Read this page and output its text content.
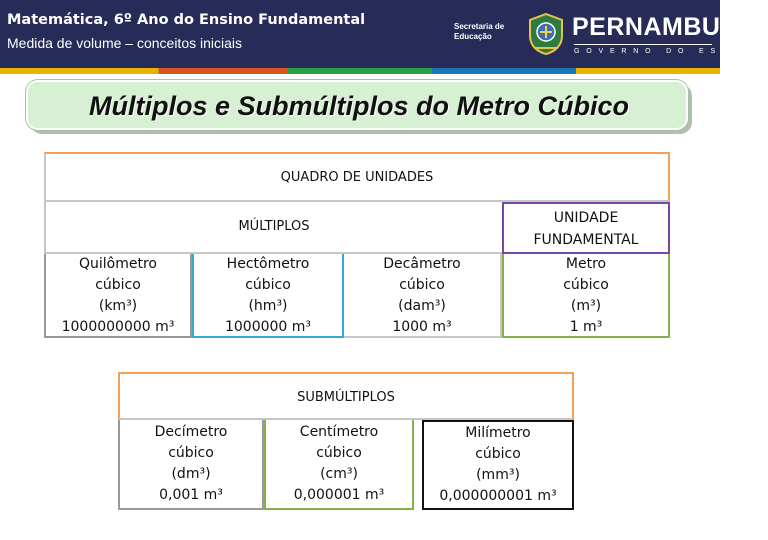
Matemática, 6º Ano do Ensino Fundamental
Medida de volume – conceitos iniciais
Secretaria de
Educação	PERNAMBUCO
GOVERNO DO ESTADO
Múltiplos e Submúltiplos do Metro Cúbico
QUADRO DE UNIDADES
MÚLTIPLOS
UNIDADE
FUNDAMENTAL
Quilômetro
cúbico
(km³)
1000000000 m³
Hectômetro
cúbico
(hm³)
1000000 m³
Decâmetro
cúbico
(dam³)
1000 m³
Metro
cúbico
(m³)
1 m³
SUBMÚLTIPLOS
Decímetro
cúbico
(dm³)
0,001 m³
Centímetro
cúbico
(cm³)
0,000001 m³
Milímetro
cúbico
(mm³)
0,000000001 m³
